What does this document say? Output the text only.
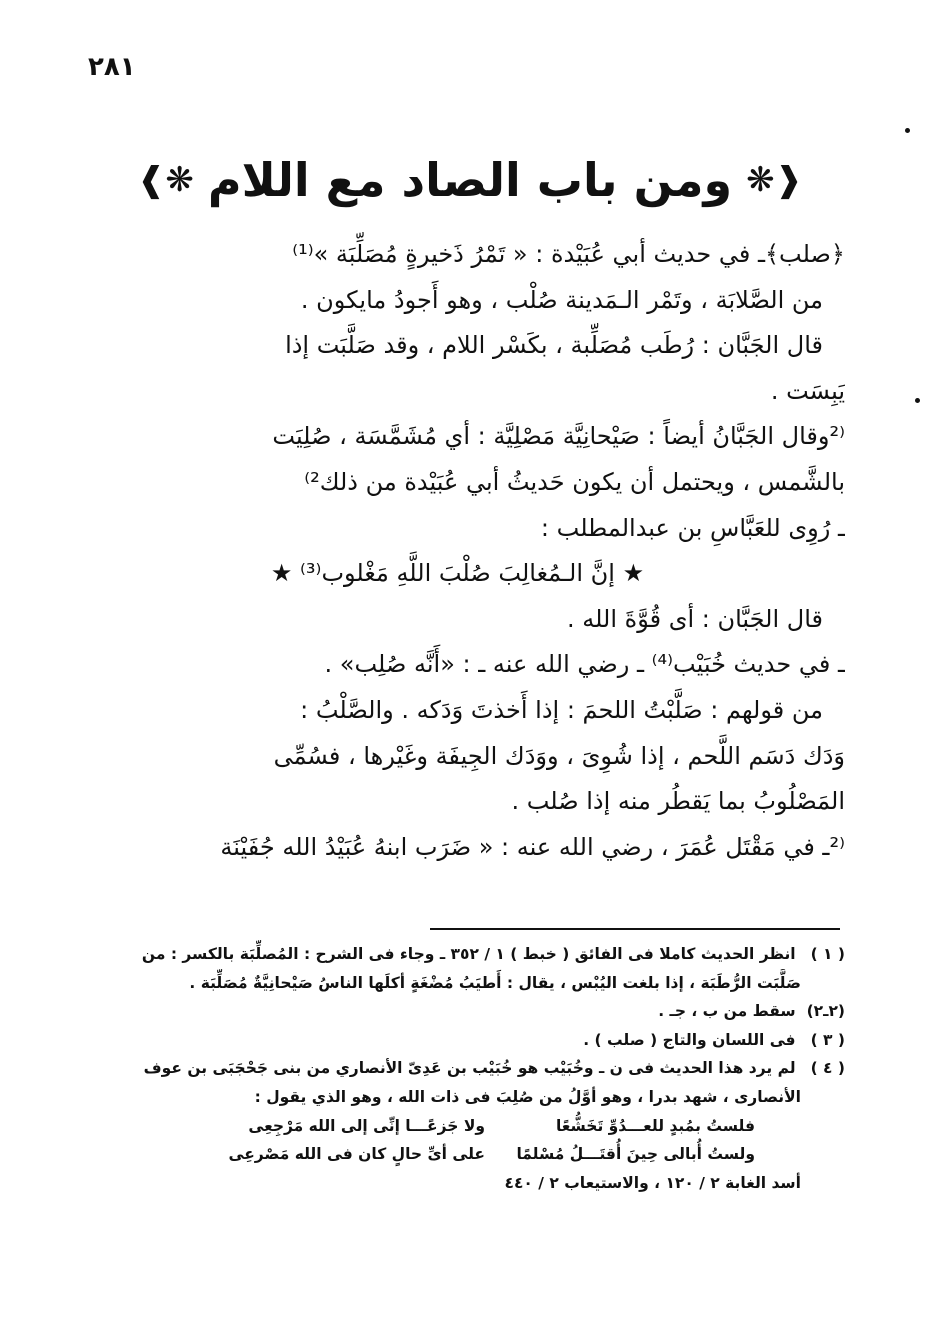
٢٨١
❰❋
ومن باب الصاد مع اللام
❋❱
﴿صلب﴾ـ في حديث أبي عُبَيْدة : « تَمْرُ ذَخيرةٍ مُصَلِّبَة »⁽¹⁾
من الصَّلابَة ، وتَمْر الـمَدينة صُلْب ، وهو أَجودُ مايكون .
قال الجَبَّان : رُطَب مُصَلِّبة ، بكَسْر اللام ، وقد صَلَّبَت إذا
يَبِسَت .
⁽²وقال الجَبَّانُ أيضاً : صَيْحانِيَّة مَصْلِيَّة : أي مُشَمَّسَة ، صُلِيَت
بالشَّمس ، ويحتمل أن يكون حَديثُ أبي عُبَيْدة من ذلك²⁾
ـ رُوِى للعَبَّاسِ بن عبدالمطلب :
★ إنَّ الـمُغالِبَ صُلْبَ اللَّهِ مَغْلوب⁽³⁾ ★
قال الجَبَّان : أى قُوَّةَ الله .
ـ في حديث خُبَيْب⁽⁴⁾ ـ رضي الله عنه ـ : «أَنَّه صُلِب» .
من قولهم : صَلَّبْتُ اللحمَ : إذا أَخذتَ وَدَكه . والصَّلْبُ :
وَدَك دَسَم اللَّحم ، إذا شُوِىَ ، ووَدَك الجِيفَة وغَيْرها ، فسُمِّى
المَصْلُوبُ بما يَقطُر منه إذا صُلب .
⁽²ـ في مَقْتَل عُمَرَ ، رضي الله عنه : « ضَرَب ابنهُ عُبَيْدُ الله جُفَيْنَة
( ١ ) انظر الحديث كاملا فى الفائق ( خبط ) ١ / ٣٥٢ ـ وجاء فى الشرح : المُصلِّبَة بالكسر : من
صَلَّبَت الرُّطَبَة ، إذا بلغت اليُبْس ، يقال : أَطيَبُ مُضْغَةٍ أكلَها الناسُ صَيْحانِيَّةٌ مُصَلِّبَة .
(٢ـ٢) سقط من ب ، جـ .
( ٣ ) فى اللسان والتاج ( صلب ) .
( ٤ ) لم يرد هذا الحديث فى ن ـ وخُبَيْب هو خُبَيْب بن عَدِىّ الأنصاري من بنى جَحْجَبَى بن عوف
الأنصارى ، شهد بدرا ، وهو أوَّلُ من صُلِبَ فى ذات الله ، وهو الذي يقول :
فلستُ بمُبدٍ للعـــدُوِّ تَخَشُّعًا
ولا جَزعًـــا إنِّى إلى الله مَرْجِعِى
ولستُ أُبالى حِينَ أُقتَـــلُ مُسْلمًا
على أىِّ حالٍ كان فى الله مَصْرعِى
أسد الغابة ٢ / ١٢٠ ، والاستيعاب ٢ / ٤٤٠
